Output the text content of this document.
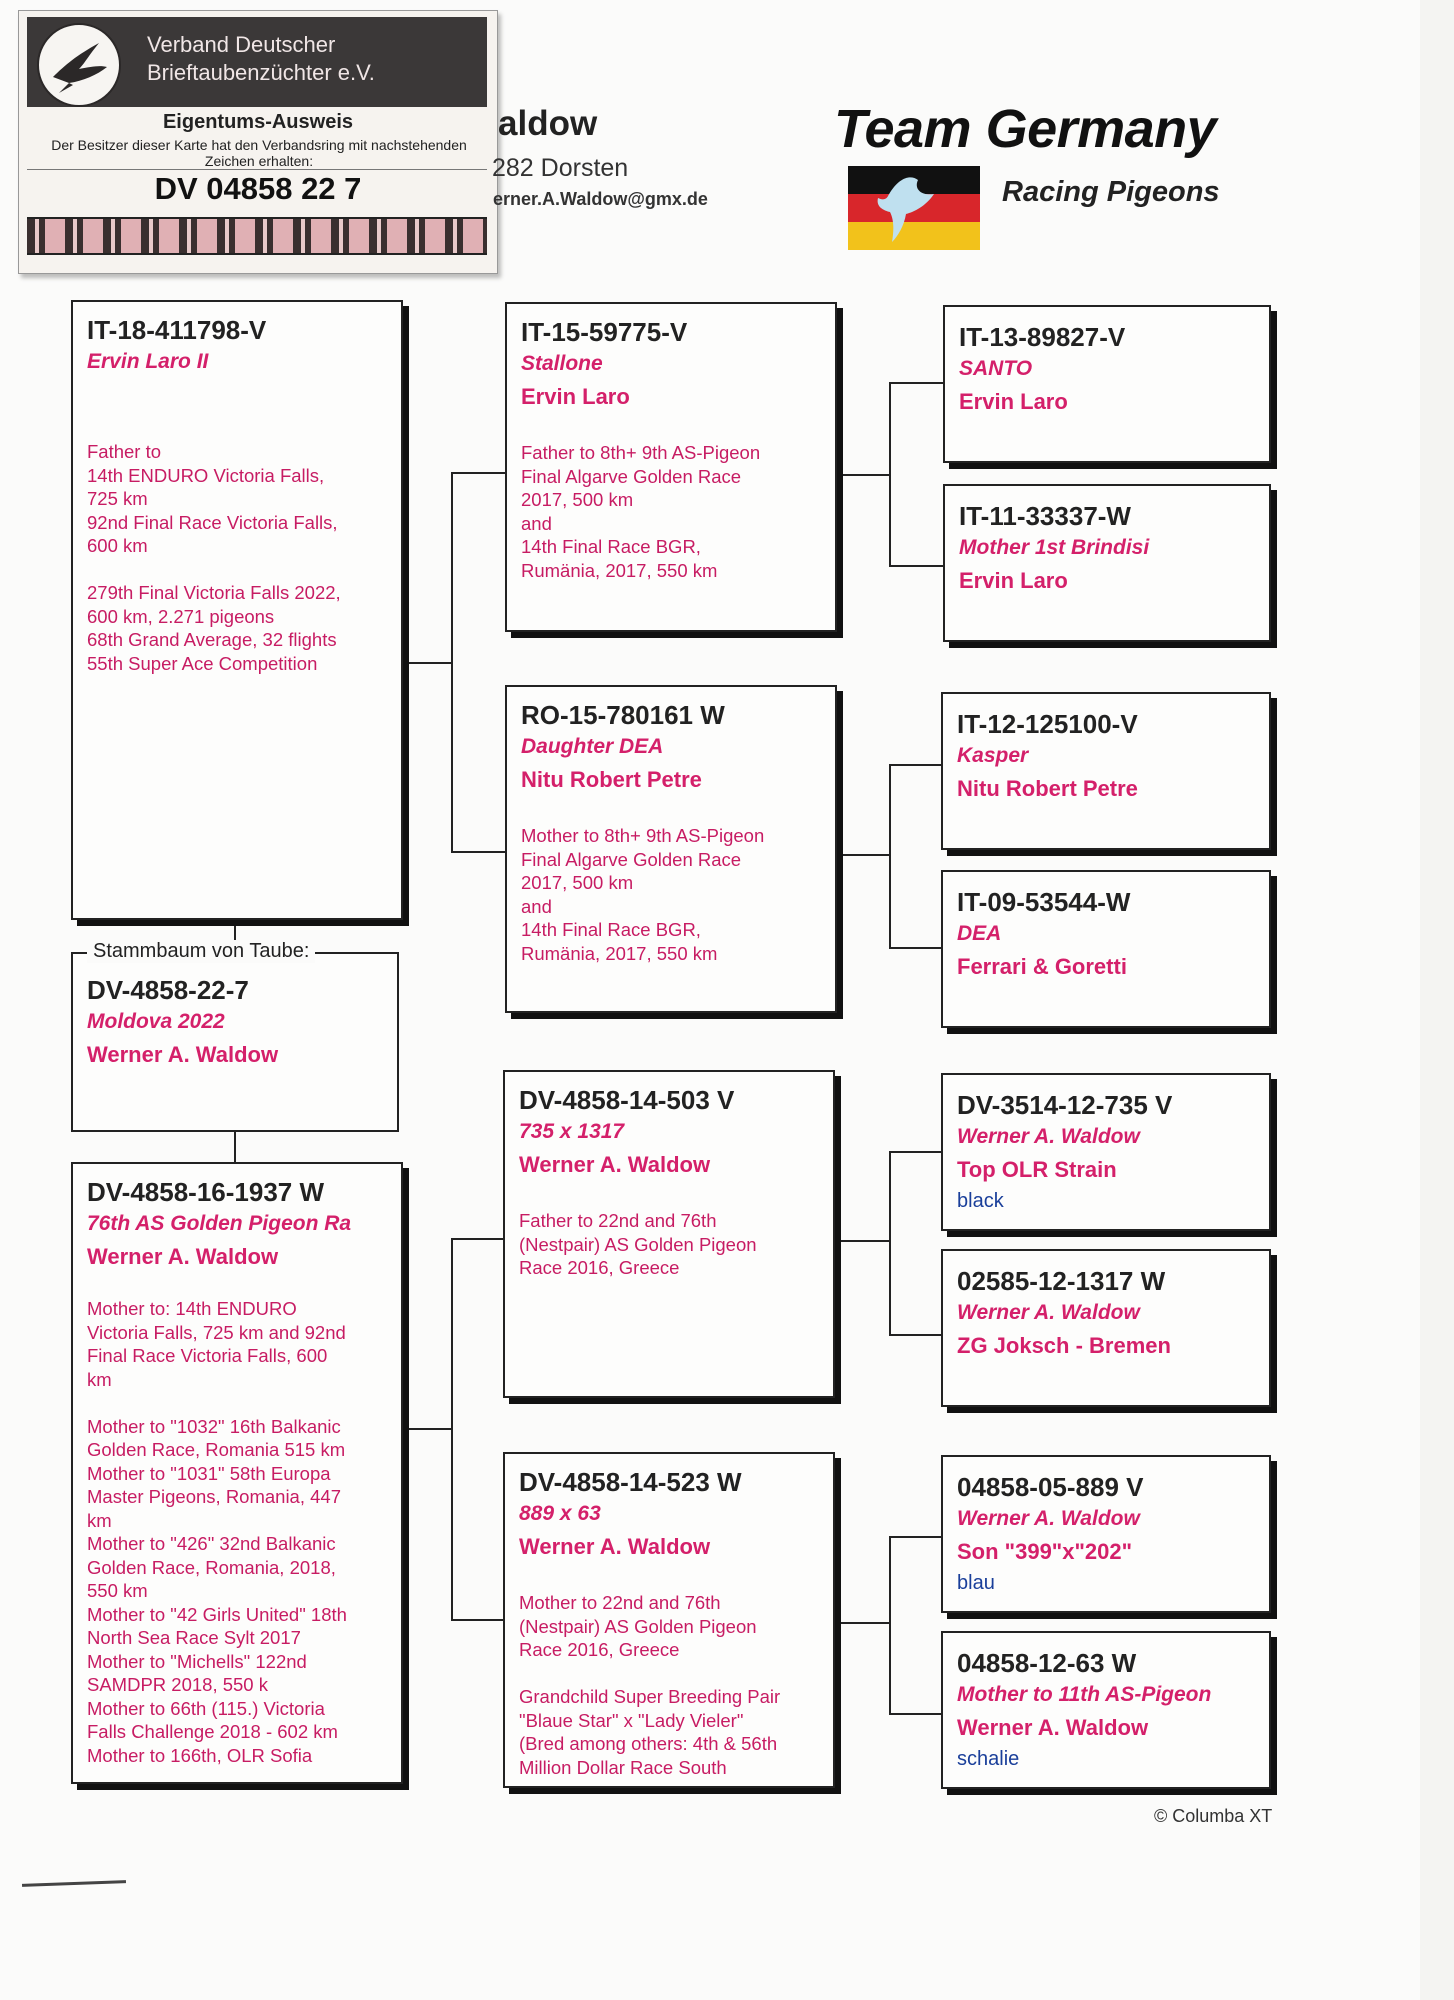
Verband Deutscher
Brieftaubenzüchter e.V.
Eigentums-Ausweis
Der Besitzer dieser Karte hat den Verbandsring mit nachstehenden Zeichen erhalten:
DV 04858 22 7
aldow
282 Dorsten
erner.A.Waldow@gmx.de
Team Germany
Racing Pigeons
IT-18-411798-V
Ervin Laro II
Father to
14th ENDURO Victoria Falls,
725 km
92nd Final Race Victoria Falls,
600 km

279th Final Victoria Falls 2022,
600 km, 2.271 pigeons
68th Grand Average, 32 flights
55th Super Ace Competition
Stammbaum von Taube:
DV-4858-22-7
Moldova 2022
Werner A. Waldow
DV-4858-16-1937 W
76th AS Golden Pigeon Ra
Werner A. Waldow
Mother to: 14th ENDURO
Victoria Falls, 725 km and 92nd
Final Race Victoria Falls, 600
km

Mother to "1032" 16th Balkanic
Golden Race, Romania 515 km
Mother to "1031" 58th Europa
Master Pigeons, Romania, 447
km
Mother to "426" 32nd Balkanic
Golden Race, Romania, 2018,
550 km
Mother to "42 Girls United" 18th
North Sea Race Sylt 2017
Mother to "Michells" 122nd
SAMDPR 2018, 550 k
Mother to 66th (115.) Victoria
Falls Challenge 2018 - 602 km
Mother to 166th, OLR Sofia
IT-15-59775-V
Stallone
Ervin Laro
Father to 8th+ 9th AS-Pigeon
Final Algarve Golden Race
2017, 500 km
and
14th Final Race BGR,
Rumänia, 2017, 550 km
RO-15-780161 W
Daughter DEA
Nitu Robert Petre
Mother to 8th+ 9th AS-Pigeon
Final Algarve Golden Race
2017, 500 km
and
14th Final Race BGR,
Rumänia, 2017, 550 km
DV-4858-14-503 V
735 x 1317
Werner A. Waldow
Father to 22nd and 76th
(Nestpair) AS Golden Pigeon
Race 2016, Greece
DV-4858-14-523 W
889 x 63
Werner A. Waldow
Mother to 22nd and 76th
(Nestpair) AS Golden Pigeon
Race 2016, Greece

Grandchild Super Breeding Pair
"Blaue Star" x "Lady Vieler"
(Bred among others: 4th & 56th
Million Dollar Race South
IT-13-89827-V
SANTO
Ervin Laro
IT-11-33337-W
Mother 1st Brindisi
Ervin Laro
IT-12-125100-V
Kasper
Nitu Robert Petre
IT-09-53544-W
DEA
Ferrari & Goretti
DV-3514-12-735 V
Werner A. Waldow
Top OLR Strain
black
02585-12-1317 W
Werner A. Waldow
ZG Joksch - Bremen
04858-05-889 V
Werner A. Waldow
Son "399"x"202"
blau
04858-12-63 W
Mother to 11th AS-Pigeon
Werner A. Waldow
schalie
© Columba XT
